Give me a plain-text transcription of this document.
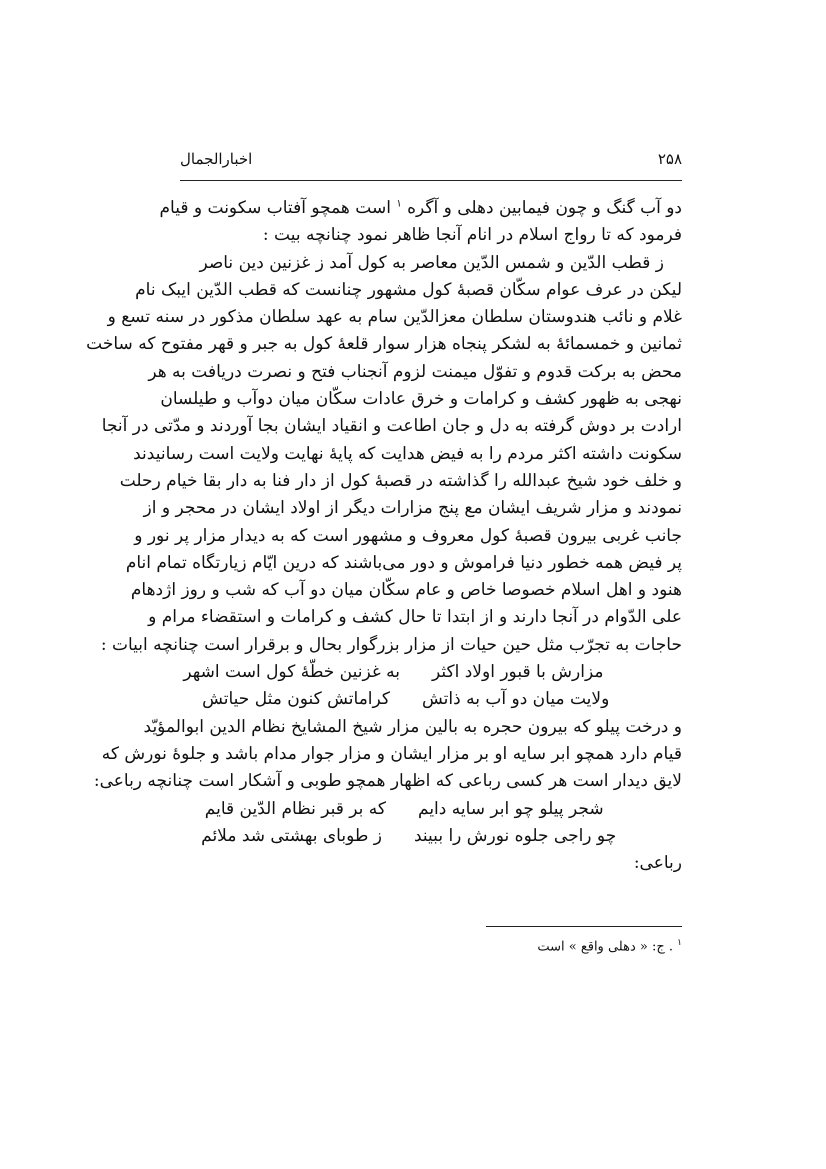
۲۵۸
اخبارالجمال
دو آب گنگ و چون فیمابین دهلی و آگره $^۱$ است همچو آفتاب سکونت و قیام
فرمود که تا رواج اسلام در انام آنجا ظاهر نمود چنانچه بیت :
ز قطب الدّین و شمس الدّین معاصر به کول آمد ز غزنین دین ناصر
لیکن در عرف عوام سکّان قصبهٔ کول مشهور چنانست که قطب الدّین ایبک نام
غلام و نائب هندوستان سلطان معزالدّین سام به عهد سلطان مذکور در سنه تسع و
ثمانین و خمسمائهٔ به لشکر پنجاه هزار سوار قلعهٔ کول به جبر و قهر مفتوح که ساخت
محض به برکت قدوم و تفوّل میمنت لزوم آنجناب فتح و نصرت دریافت به هر
نهجی به ظهور کشف و کرامات و خرق عادات سکّان میان دوآب و طیلسان
ارادت بر دوش گرفته به دل و جان اطاعت و انقیاد ایشان بجا آوردند و مدّتی در آنجا
سکونت داشته اکثر مردم را به فیض هدایت که پایهٔ نهایت ولایت است رسانیدند
و خلف خود شیخ عبدالله را گذاشته در قصبهٔ کول از دار فنا به دار بقا خیام رحلت
نمودند و مزار شریف ایشان مع پنج مزارات دیگر از اولاد ایشان در محجر و از
جانب غربی بیرون قصبهٔ کول معروف و مشهور است که به دیدار مزار پر نور و
پر فیض همه خطور دنیا فراموش و دور می‌باشند که درین ایّام زیارتگاه تمام انام
هنود و اهل اسلام خصوصا خاص و عام سکّان میان دو آب که شب و روز اژدهام
علی الدّوام در آنجا دارند و از ابتدا تا حال کشف و کرامات و استقضاء مرام و
حاجات به تجرّب مثل حین حیات از مزار بزرگوار بحال و برقرار است چنانچه ابیات :
مزارش با قبور اولاد اکثر
به غزنین خطّهٔ کول است اشهر
ولایت میان دو آب به ذاتش
کراماتش کنون مثل حیاتش
و درخت پیلو که بیرون حجره به بالین مزار شیخ المشایخ نظام الدین ابوالمؤیّد
قیام دارد همچو ابر سایه او بر مزار ایشان و مزار جوار مدام باشد و جلوهٔ نورش که
لایق دیدار است هر کسی رباعی که اظهار همچو طوبی و آشکار است چنانچه رباعی:
شجر پیلو چو ابر سایه دایم
که بر قبر نظام الدّین قایم
چو راجی جلوه نورش را ببیند
ز طوبای بهشتی شد ملائم
رباعی:
$^۱$ . ج: « دهلی واقع » است
